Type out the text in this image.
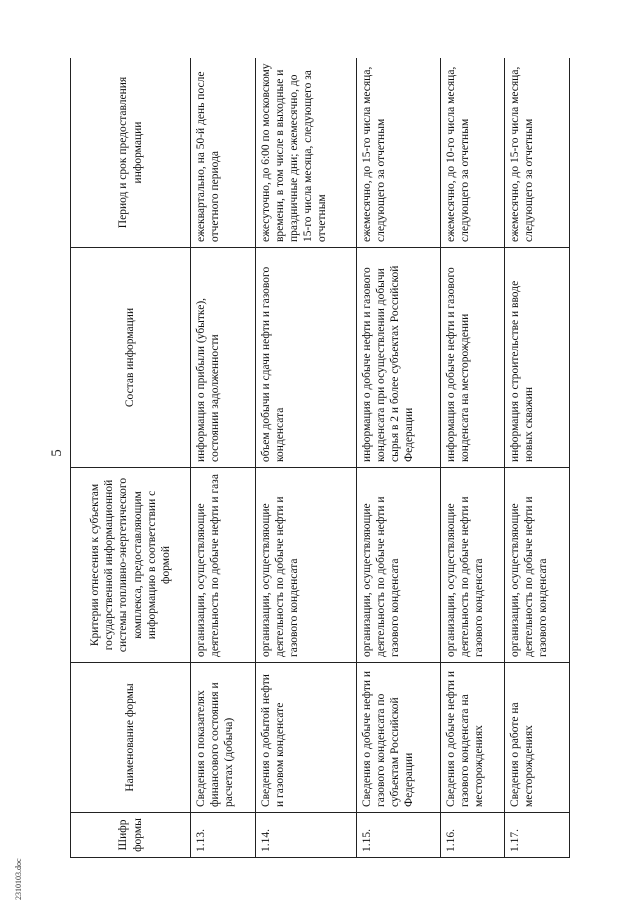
5
2310103.doc
Шифр формы	Наименование формы	Критерии отнесения к субъектам государственной информационной системы топливно-энергетического комплекса, предоставляющим информацию в соответствии с формой	Состав информации	Период и срок предоставления информации
1.13.	Сведения о показателях финансового состояния и расчетах (добыча)	организации, осуществляющие деятельность по добыче нефти и газа	информация о прибыли (убытке), состоянии задолженности	ежеквартально, на 50-й день после отчетного периода
1.14.	Сведения о добытой нефти и газовом конденсате	организации, осуществляющие деятельность по добыче нефти и газового конденсата	объем добычи и сдачи нефти и газового конденсата	ежесуточно, до 6:00 по московскому времени, в том числе в выходные и праздничные дни; ежемесячно, до 15-го числа месяца, следующего за отчетным
1.15.	Сведения о добыче нефти и газового конденсата по субъектам Российской Федерации	организации, осуществляющие деятельность по добыче нефти и газового конденсата	информация о добыче нефти и газового конденсата при осуществлении добычи сырья в 2 и более субъектах Российской Федерации	ежемесячно, до 15-го числа месяца, следующего за отчетным
1.16.	Сведения о добыче нефти и газового конденсата на месторождениях	организации, осуществляющие деятельность по добыче нефти и газового конденсата	информация о добыче нефти и газового конденсата на месторождении	ежемесячно, до 10-го числа месяца, следующего за отчетным
1.17.	Сведения о работе на месторождениях	организации, осуществляющие деятельность по добыче нефти и газового конденсата	информация о строительстве и вводе новых скважин	ежемесячно, до 15-го числа месяца, следующего за отчетным
